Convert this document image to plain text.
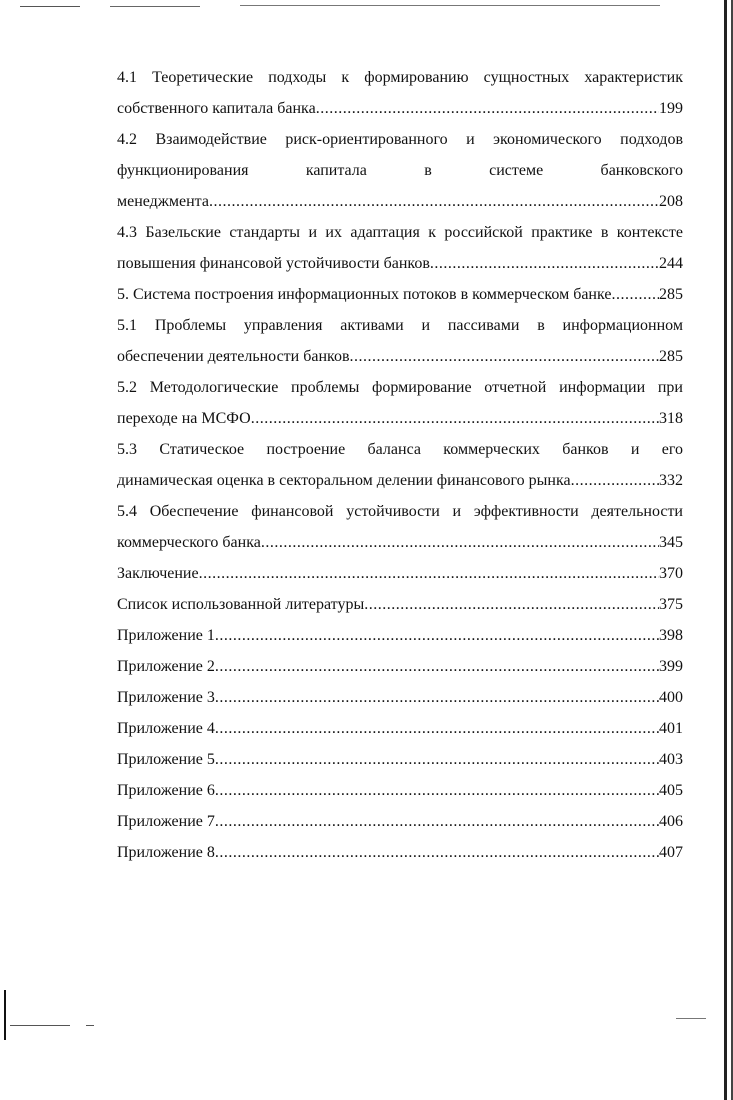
4.1 Теоретические подходы к формированию сущностных характеристик
собственного капитала банка .....	199
4.2 Взаимодействие риск-ориентированного и экономического подходов
функционирования капитала в системе банковского
менеджмента .....	208
4.3 Базельские стандарты и их адаптация к российской практике в контексте
повышения финансовой устойчивости банков .....	244
5. Система построения информационных потоков в коммерческом банке .....	285
5.1 Проблемы управления активами и пассивами в информационном
обеспечении деятельности банков .....	285
5.2 Методологические проблемы формирование отчетной информации при
переходе на МСФО .....	318
5.3 Статическое построение баланса коммерческих банков и его
динамическая оценка в секторальном делении финансового рынка .....	332
5.4 Обеспечение финансовой устойчивости и эффективности деятельности
коммерческого банка .....	345
Заключение .....	370
Список использованной литературы .....	375
Приложение 1 .....	398
Приложение 2 .....	399
Приложение 3 .....	400
Приложение 4 .....	401
Приложение 5 .....	403
Приложение 6 .....	405
Приложение 7 .....	406
Приложение 8 .....	407
